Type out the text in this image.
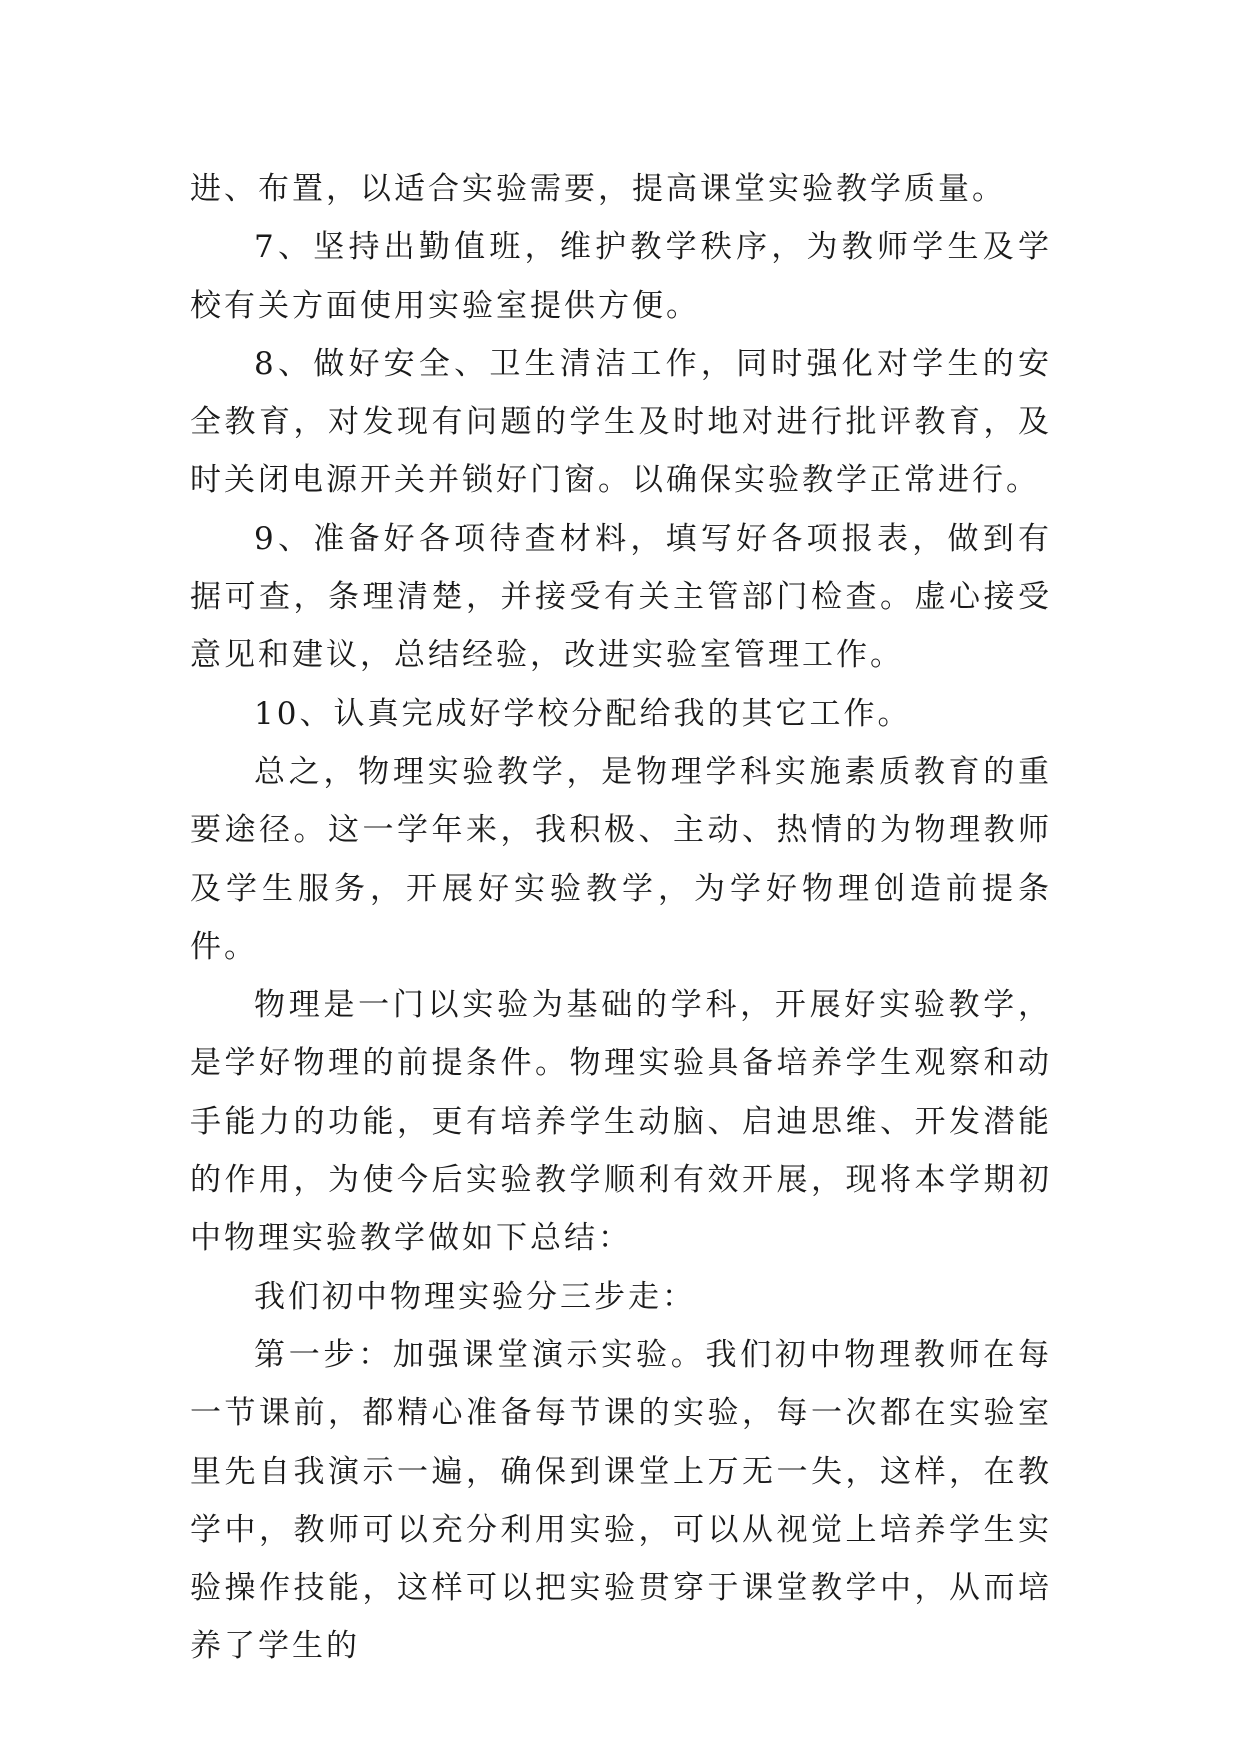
进、布置，以适合实验需要，提高课堂实验教学质量。

7、坚持出勤值班，维护教学秩序，为教师学生及学校有关方面使用实验室提供方便。

8、做好安全、卫生清洁工作，同时强化对学生的安全教育，对发现有问题的学生及时地对进行批评教育，及时关闭电源开关并锁好门窗。以确保实验教学正常进行。

9、准备好各项待查材料，填写好各项报表，做到有据可查，条理清楚，并接受有关主管部门检查。虚心接受意见和建议，总结经验，改进实验室管理工作。

10、认真完成好学校分配给我的其它工作。

总之，物理实验教学，是物理学科实施素质教育的重要途径。这一学年来，我积极、主动、热情的为物理教师及学生服务，开展好实验教学，为学好物理创造前提条件。

物理是一门以实验为基础的学科，开展好实验教学，是学好物理的前提条件。物理实验具备培养学生观察和动手能力的功能，更有培养学生动脑、启迪思维、开发潜能的作用，为使今后实验教学顺利有效开展，现将本学期初中物理实验教学做如下总结：

我们初中物理实验分三步走：

第一步：加强课堂演示实验。我们初中物理教师在每一节课前，都精心准备每节课的实验，每一次都在实验室里先自我演示一遍，确保到课堂上万无一失，这样，在教学中，教师可以充分利用实验，可以从视觉上培养学生实验操作技能，这样可以把实验贯穿于课堂教学中，从而培养了学生的
